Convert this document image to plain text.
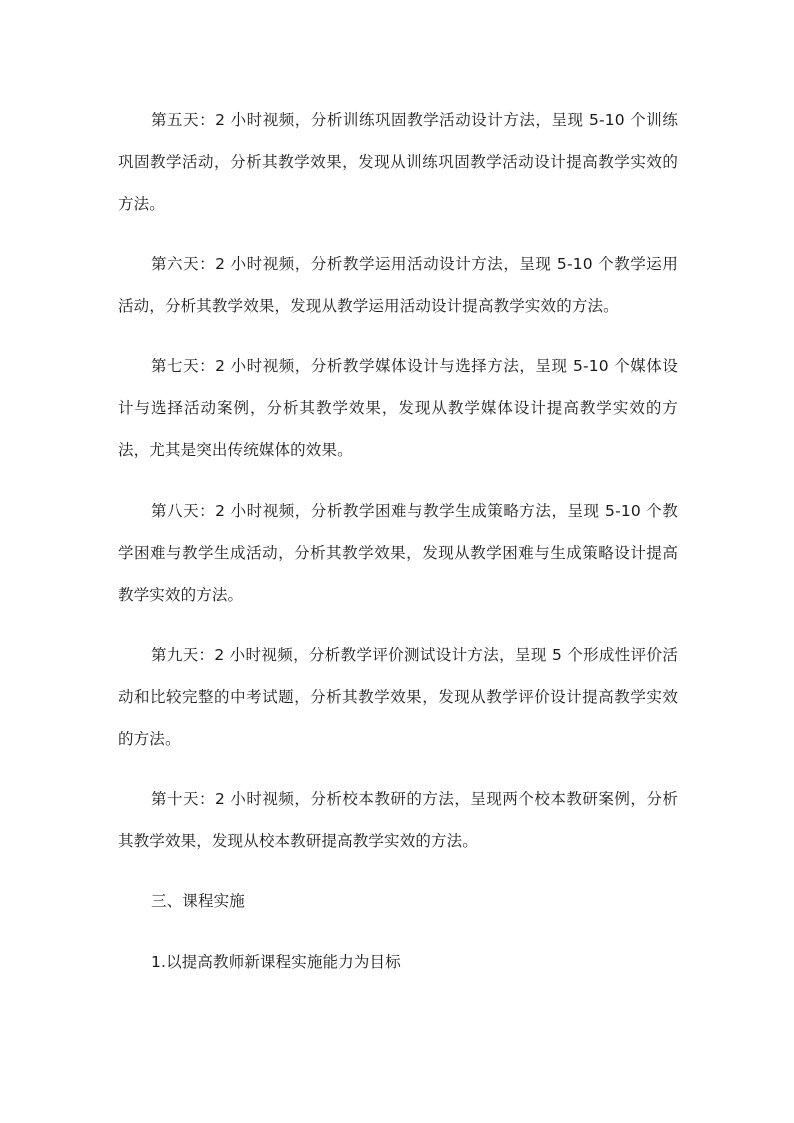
第五天：2 小时视频，分析训练巩固教学活动设计方法，呈现 5-10 个训练巩固教学活动，分析其教学效果，发现从训练巩固教学活动设计提高教学实效的方法。

第六天：2 小时视频，分析教学运用活动设计方法，呈现 5-10 个教学运用活动，分析其教学效果，发现从教学运用活动设计提高教学实效的方法。

第七天：2 小时视频，分析教学媒体设计与选择方法，呈现 5-10 个媒体设计与选择活动案例，分析其教学效果，发现从教学媒体设计提高教学实效的方法，尤其是突出传统媒体的效果。

第八天：2 小时视频，分析教学困难与教学生成策略方法，呈现 5-10 个教学困难与教学生成活动，分析其教学效果，发现从教学困难与生成策略设计提高教学实效的方法。

第九天：2 小时视频，分析教学评价测试设计方法，呈现 5 个形成性评价活动和比较完整的中考试题，分析其教学效果，发现从教学评价设计提高教学实效的方法。

第十天：2 小时视频，分析校本教研的方法，呈现两个校本教研案例，分析其教学效果，发现从校本教研提高教学实效的方法。

三、课程实施

1.以提高教师新课程实施能力为目标
